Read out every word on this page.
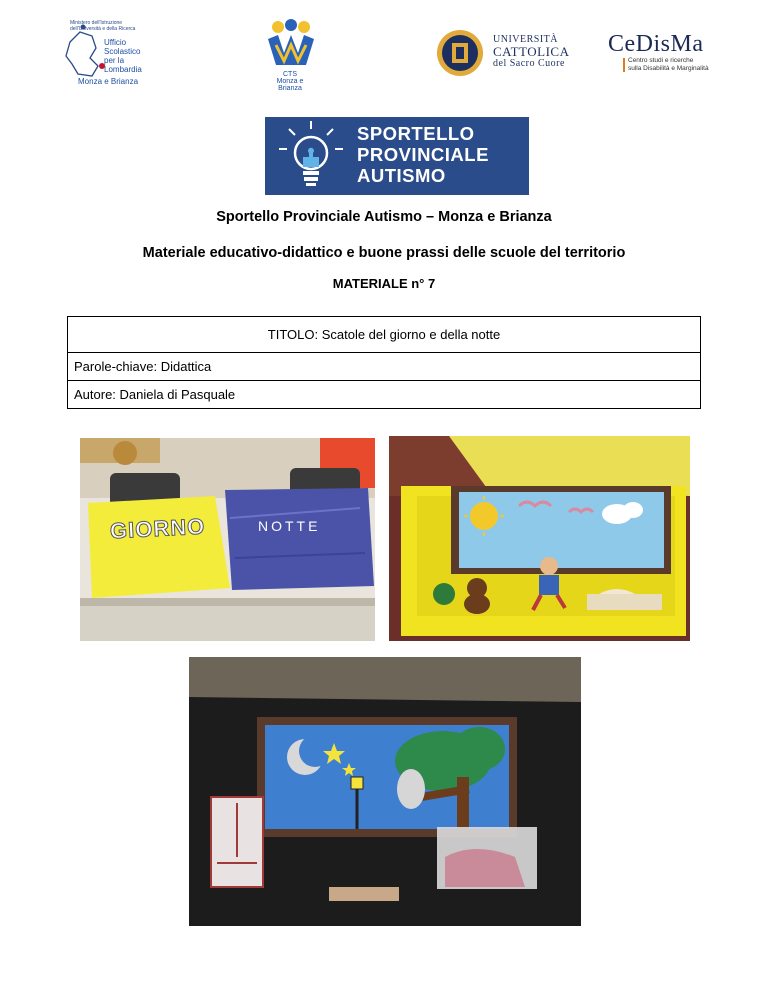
Ministero dell'Istruzione dell'Università e della Ricerca
Ufficio
Scolastico
per la
Lombardia
Monza e Brianza
CTS
Monza e Brianza
UNIVERSITÀ
CATTOLICA
del Sacro Cuore
CeDisMa
Centro studi e ricerche
sulla Disabilità e Marginalità
SPORTELLO
PROVINCIALE
AUTISMO
Sportello Provinciale Autismo – Monza e Brianza
Materiale educativo-didattico e buone prassi delle scuole del territorio
MATERIALE n° 7
TITOLO: Scatole del giorno e della notte
Parole-chiave: Didattica
Autore: Daniela di Pasquale
GIORNO	NOTTE
